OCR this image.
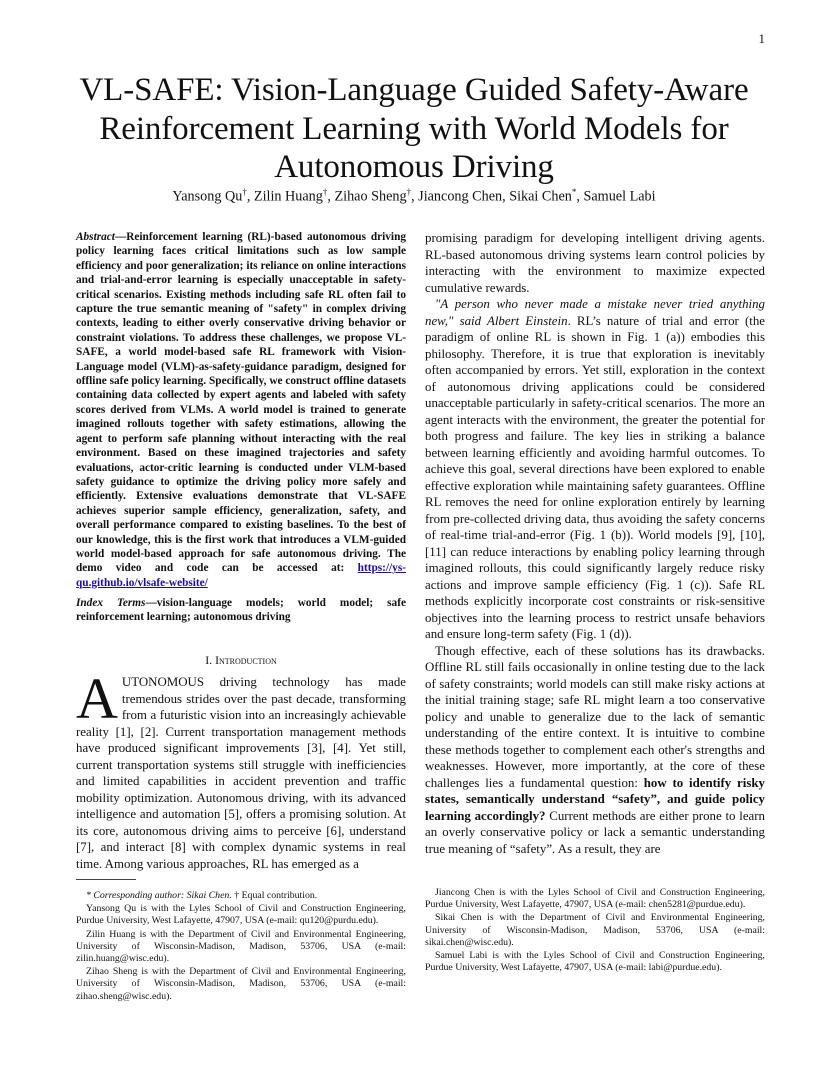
1
VL-SAFE: Vision-Language Guided Safety-Aware Reinforcement Learning with World Models for Autonomous Driving
Yansong Qu†, Zilin Huang†, Zihao Sheng†, Jiancong Chen, Sikai Chen*, Samuel Labi
Abstract—Reinforcement learning (RL)-based autonomous driving policy learning faces critical limitations such as low sample efficiency and poor generalization; its reliance on online interactions and trial-and-error learning is especially unacceptable in safety-critical scenarios. Existing methods including safe RL often fail to capture the true semantic meaning of "safety" in complex driving contexts, leading to either overly conservative driving behavior or constraint violations. To address these challenges, we propose VL-SAFE, a world model-based safe RL framework with Vision-Language model (VLM)-as-safety-guidance paradigm, designed for offline safe policy learning. Specifically, we construct offline datasets containing data collected by expert agents and labeled with safety scores derived from VLMs. A world model is trained to generate imagined rollouts together with safety estimations, allowing the agent to perform safe planning without interacting with the real environment. Based on these imagined trajectories and safety evaluations, actor-critic learning is conducted under VLM-based safety guidance to optimize the driving policy more safely and efficiently. Extensive evaluations demonstrate that VL-SAFE achieves superior sample efficiency, generalization, safety, and overall performance compared to existing baselines. To the best of our knowledge, this is the first work that introduces a VLM-guided world model-based approach for safe autonomous driving. The demo video and code can be accessed at: https://ys-qu.github.io/vlsafe-website/
Index Terms—vision-language models; world model; safe reinforcement learning; autonomous driving
I. Introduction
AUTONOMOUS driving technology has made tremendous strides over the past decade, transforming from a futuristic vision into an increasingly achievable reality [1], [2]. Current transportation management methods have produced significant improvements [3], [4]. Yet still, current transportation systems still struggle with inefficiencies and limited capabilities in accident prevention and traffic mobility optimization. Autonomous driving, with its advanced intelligence and automation [5], offers a promising solution. At its core, autonomous driving aims to perceive [6], understand [7], and interact [8] with complex dynamic systems in real time. Among various approaches, RL has emerged as a

promising paradigm for developing intelligent driving agents. RL-based autonomous driving systems learn control policies by interacting with the environment to maximize expected cumulative rewards.

"A person who never made a mistake never tried anything new," said Albert Einstein. RL’s nature of trial and error (the paradigm of online RL is shown in Fig. 1 (a)) embodies this philosophy. Therefore, it is true that exploration is inevitably often accompanied by errors. Yet still, exploration in the context of autonomous driving applications could be considered unacceptable particularly in safety-critical scenarios. The more an agent interacts with the environment, the greater the potential for both progress and failure. The key lies in striking a balance between learning efficiently and avoiding harmful outcomes. To achieve this goal, several directions have been explored to enable effective exploration while maintaining safety guarantees. Offline RL removes the need for online exploration entirely by learning from pre-collected driving data, thus avoiding the safety concerns of real-time trial-and-error (Fig. 1 (b)). World models [9], [10], [11] can reduce interactions by enabling policy learning through imagined rollouts, this could significantly largely reduce risky actions and improve sample efficiency (Fig. 1 (c)). Safe RL methods explicitly incorporate cost constraints or risk-sensitive objectives into the learning process to restrict unsafe behaviors and ensure long-term safety (Fig. 1 (d)).

Though effective, each of these solutions has its drawbacks. Offline RL still fails occasionally in online testing due to the lack of safety constraints; world models can still make risky actions at the initial training stage; safe RL might learn a too conservative policy and unable to generalize due to the lack of semantic understanding of the entire context. It is intuitive to combine these methods together to complement each other's strengths and weaknesses. However, more importantly, at the core of these challenges lies a fundamental question: how to identify risky states, semantically understand “safety”, and guide policy learning accordingly? Current methods are either prone to learn an overly conservative policy or lack a semantic understanding true meaning of “safety”. As a result, they are

* Corresponding author: Sikai Chen. † Equal contribution.

Yansong Qu is with the Lyles School of Civil and Construction Engineering, Purdue University, West Lafayette, 47907, USA (e-mail: qu120@purdu.edu).

Zilin Huang is with the Department of Civil and Environmental Engineering, University of Wisconsin-Madison, Madison, 53706, USA (e-mail: zilin.huang@wisc.edu).

Zihao Sheng is with the Department of Civil and Environmental Engineering, University of Wisconsin-Madison, Madison, 53706, USA (e-mail: zihao.sheng@wisc.edu).

Jiancong Chen is with the Lyles School of Civil and Construction Engineering, Purdue University, West Lafayette, 47907, USA (e-mail: chen5281@purdue.edu).

Sikai Chen is with the Department of Civil and Environmental Engineering, University of Wisconsin-Madison, Madison, 53706, USA (e-mail: sikai.chen@wisc.edu).

Samuel Labi is with the Lyles School of Civil and Construction Engineering, Purdue University, West Lafayette, 47907, USA (e-mail: labi@purdue.edu).
